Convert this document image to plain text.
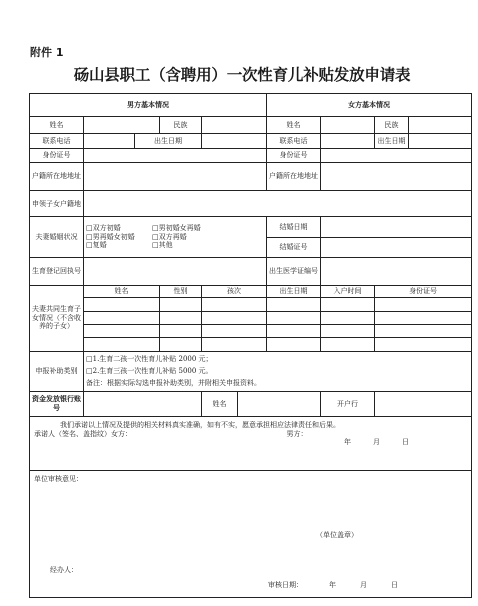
附件 1
砀山县职工（含聘用）一次性育儿补贴发放申请表
男方基本情况						女方基本情况			
姓名			民族			姓名		民族	
联系电话		出生日期				联系电话		出生日期	
身份证号						身份证号			
户籍所在地地址						户籍所在地地址			
申领子女户籍地									
夫妻婚姻状况	□双方初婚 □男初婚女再婚
□男再婚女初婚 □双方再婚
□复婚 □其他					结婚日期			
						结婚证号			
生育登记回执号						出生医学证编号			
夫妻共同生育子女情况（不含收养的子女）	姓名		性别	孩次		出生日期	入户时间	身份证号	

申报补助类别	□1.生育二孩一次性育儿补贴 2000 元；
□2.生育三孩一次性育儿补贴 5000 元。
备注：根据实际勾选申报补助类别，并附相关申报资料。								

资金发放银行账号				姓名			开户行		

我们承诺以上情况及提供的相关材料真实准确，如有不实，愿意承担相应法律责任和后果。
承诺人（签名、盖指纹）女方： 男方：
年 月 日									

单位审核意见：
（单位盖章）
经办人：
审核日期： 年 月 日									
